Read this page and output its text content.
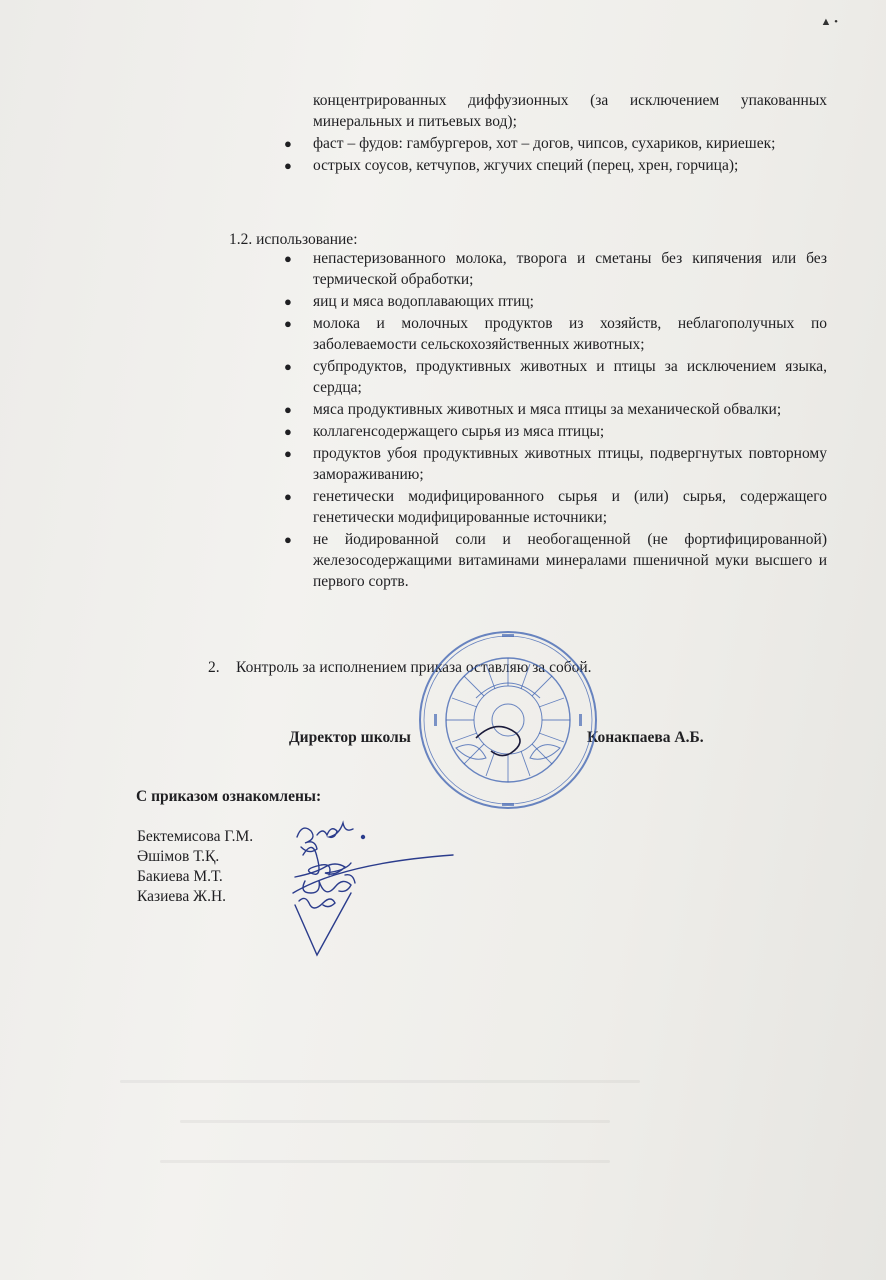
▲ •
концентрированных диффузионных (за исключением упакованных минеральных и питьевых вод);
● фаст – фудов: гамбургеров, хот – догов, чипсов, сухариков, кириешек;
● острых соусов, кетчупов, жгучих специй (перец, хрен, горчица);
1.2. использование:
● непастеризованного молока, творога и сметаны без кипячения или без термической обработки;
● яиц и мяса водоплавающих птиц;
● молока и молочных продуктов из хозяйств, неблагополучных по заболеваемости сельскохозяйственных животных;
● субпродуктов, продуктивных животных и птицы за исключением языка, сердца;
● мяса продуктивных животных и мяса птицы за механической обвалки;
● коллагенсодержащего сырья из мяса птицы;
● продуктов убоя продуктивных животных птицы, подвергнутых повторному замораживанию;
● генетически модифицированного сырья и (или) сырья, содержащего генетически модифицированные источники;
● не йодированной соли и необогащенной (не фортифицированной) железосодержащими витаминами минералами пшеничной муки высшего и первого сортв.
2. Контроль за исполнением приказа оставляю за собой.
Директор школы	Конакпаева А.Б.
С приказом ознакомлены:
Бектемисова Г.М.
Әшімов Т.Қ.
Бакиева М.Т.
Казиева Ж.Н.
